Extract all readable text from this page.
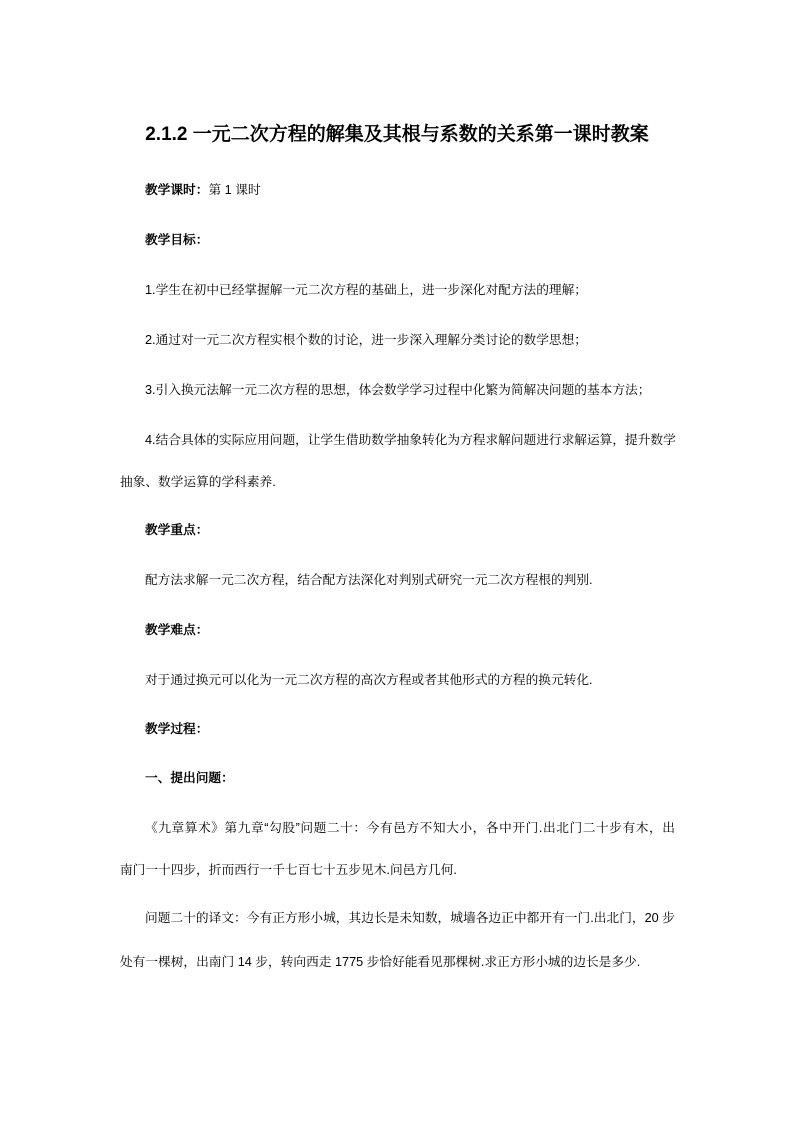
2.1.2 一元二次方程的解集及其根与系数的关系第一课时教案
教学课时：第 1 课时
教学目标：
1.学生在初中已经掌握解一元二次方程的基础上，进一步深化对配方法的理解；
2.通过对一元二次方程实根个数的讨论，进一步深入理解分类讨论的数学思想；
3.引入换元法解一元二次方程的思想，体会数学学习过程中化繁为简解决问题的基本方法；
4.结合具体的实际应用问题，让学生借助数学抽象转化为方程求解问题进行求解运算，提升数学
抽象、数学运算的学科素养.
教学重点：
配方法求解一元二次方程，结合配方法深化对判别式研究一元二次方程根的判别.
教学难点：
对于通过换元可以化为一元二次方程的高次方程或者其他形式的方程的换元转化.
教学过程：
一、提出问题：
《九章算术》第九章“勾股”问题二十：今有邑方不知大小，各中开门.出北门二十步有木，出
南门一十四步，折而西行一千七百七十五步见木.问邑方几何.
问题二十的译文：今有正方形小城，其边长是未知数，城墙各边正中都开有一门.出北门，20 步
处有一棵树，出南门 14 步，转向西走 1775 步恰好能看见那棵树.求正方形小城的边长是多少.
